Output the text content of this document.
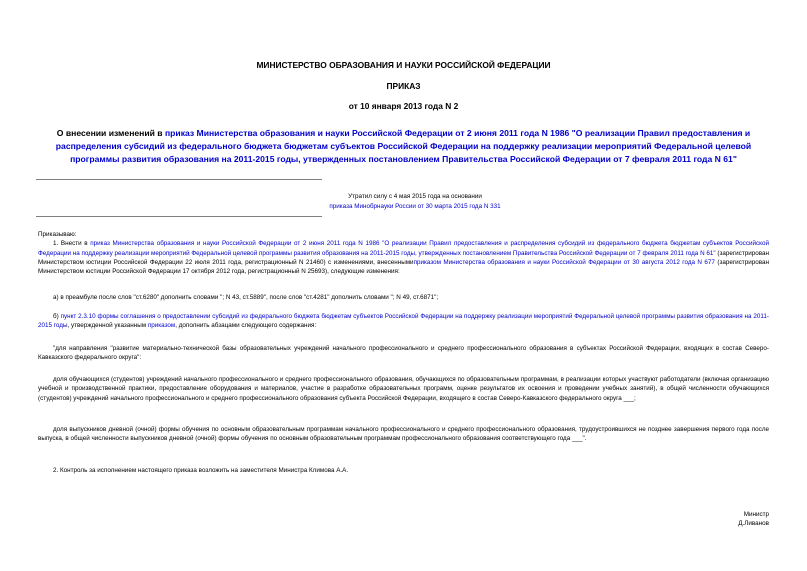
МИНИСТЕРСТВО ОБРАЗОВАНИЯ И НАУКИ РОССИЙСКОЙ ФЕДЕРАЦИИ
ПРИКАЗ
от 10 января 2013 года N 2
О внесении изменений в приказ Министерства образования и науки Российской Федерации от 2 июня 2011 года N 1986 "О реализации Правил предоставления и распределения субсидий из федерального бюджета бюджетам субъектов Российской Федерации на поддержку реализации мероприятий Федеральной целевой программы развития образования на 2011-2015 годы, утвержденных постановлением Правительства Российской Федерации от 7 февраля 2011 года N 61"
Утратил силу с 4 мая 2015 года на основании
приказа Минобрнауки России от 30 марта 2015 года N 331

Приказываю:

1. Внести в приказ Министерства образования и науки Российской Федерации от 2 июня 2011 года N 1986 "О реализации Правил предоставления и распределения субсидий из федерального бюджета бюджетам субъектов Российской Федерации на поддержку реализации мероприятий Федеральной целевой программы развития образования на 2011-2015 годы, утвержденных постановлением Правительства Российской Федерации от 7 февраля 2011 года N 61" (зарегистрирован Министерством юстиции Российской Федерации 22 июля 2011 года, регистрационный N 21460) с изменениями, внесеннымиприказом Министерства образования и науки Российской Федерации от 30 августа 2012 года N 677 (зарегистрирован Министерством юстиции Российской Федерации 17 октября 2012 года, регистрационный N 25693), следующие изменения:

а) в преамбуле после слов "ст.6280" дополнить словами "; N 43, ст.5889", после слов "ст.4281" дополнить словами "; N 49, ст.6871";

б) пункт 2.3.10 формы соглашения о предоставлении субсидий из федерального бюджета бюджетам субъектов Российской Федерации на поддержку реализации мероприятий Федеральной целевой программы развития образования на 2011-2015 годы, утвержденной указанным приказом, дополнить абзацами следующего содержания:

"для направления "развитие материально-технической базы образовательных учреждений начального профессионального и среднего профессионального образования в субъектах Российской Федерации, входящих в состав Северо-Кавказского федерального округа":

доля обучающихся (студентов) учреждений начального профессионального и среднего профессионального образования, обучающихся по образовательным программам, в реализации которых участвуют работодатели (включая организацию учебной и производственной практики, предоставление оборудования и материалов, участие в разработке образовательных программ, оценке результатов их освоения и проведении учебных занятий), в общей численности обучающихся (студентов) учреждений начального профессионального и среднего профессионального образования субъекта Российской Федерации, входящего в состав Северо-Кавказского федерального округа ___;

доля выпускников дневной (очной) формы обучения по основным образовательным программам начального профессионального и среднего профессионального образования, трудоустроившихся не позднее завершения первого года после выпуска, в общей численности выпускников дневной (очной) формы обучения по основным образовательным программам профессионального образования соответствующего года ___".

2. Контроль за исполнением настоящего приказа возложить на заместителя Министра Климова А.А.

Министр
Д.Ливанов
